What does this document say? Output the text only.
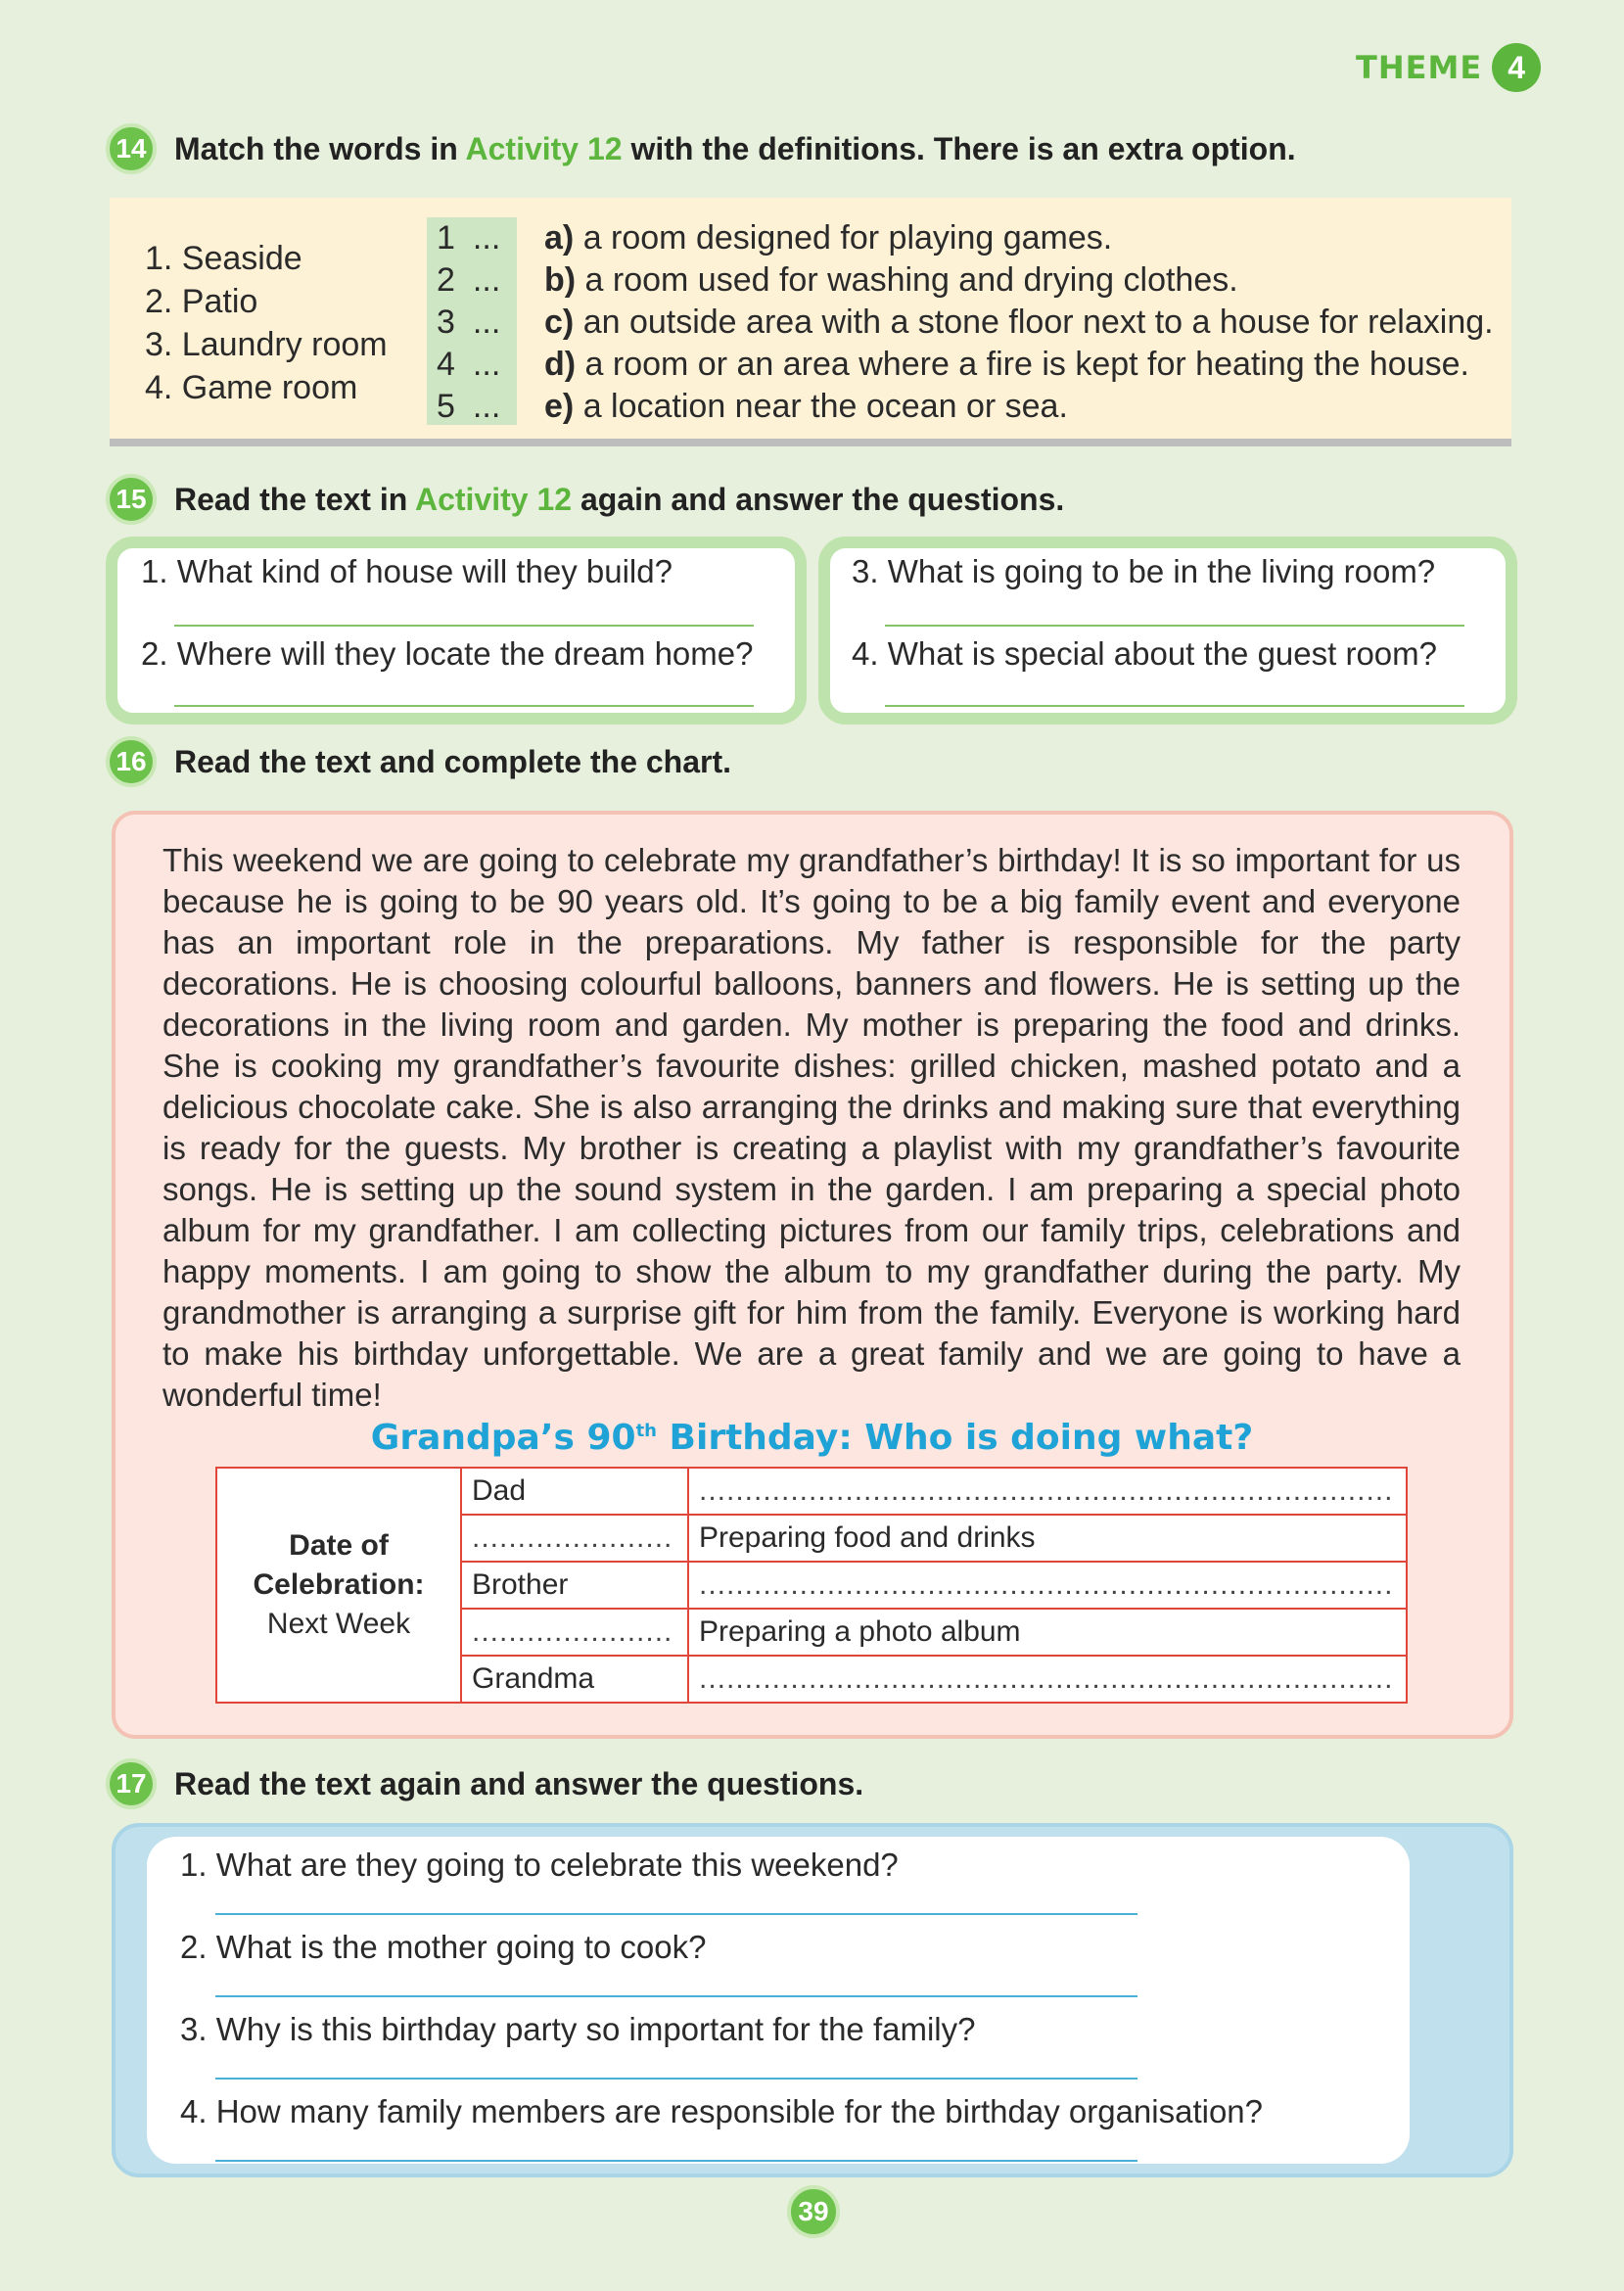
THEME 4
14 Match the words in Activity 12 with the definitions. There is an extra option.
1. Seaside
2. Patio
3. Laundry room
4. Game room
1 ...
2 ...
3 ...
4 ...
5 ...
a) a room designed for playing games.
b) a room used for washing and drying clothes.
c) an outside area with a stone floor next to a house for relaxing.
d) a room or an area where a fire is kept for heating the house.
e) a location near the ocean or sea.
15 Read the text in Activity 12 again and answer the questions.
1. What kind of house will they build?
2. Where will they locate the dream home?
3. What is going to be in the living room?
4. What is special about the guest room?
16 Read the text and complete the chart.
This weekend we are going to celebrate my grandfather’s birthday! It is so important for us because he is going to be 90 years old. It’s going to be a big family event and everyone has an important role in the preparations. My father is responsible for the party decorations. He is choosing colourful balloons, banners and flowers. He is setting up the decorations in the living room and garden. My mother is preparing the food and drinks. She is cooking my grandfather’s favourite dishes: grilled chicken, mashed potato and a delicious chocolate cake. She is also arranging the drinks and making sure that everything is ready for the guests. My brother is creating a playlist with my grandfather’s favourite songs. He is setting up the sound system in the garden. I am preparing a special photo album for my grandfather. I am collecting pictures from our family trips, celebrations and happy moments. I am going to show the album to my grandfather during the party. My grandmother is arranging a surprise gift for him from the family. Everyone is working hard to make his birthday unforgettable. We are a great family and we are going to have a wonderful time!
Grandpa’s 90th Birthday: Who is doing what?
Date of
Celebration:
Next Week	Dad	............................................................................
	......................	Preparing food and drinks
	Brother	............................................................................
	......................	Preparing a photo album
	Grandma	............................................................................
17 Read the text again and answer the questions.
1. What are they going to celebrate this weekend?
2. What is the mother going to cook?
3. Why is this birthday party so important for the family?
4. How many family members are responsible for the birthday organisation?
39
